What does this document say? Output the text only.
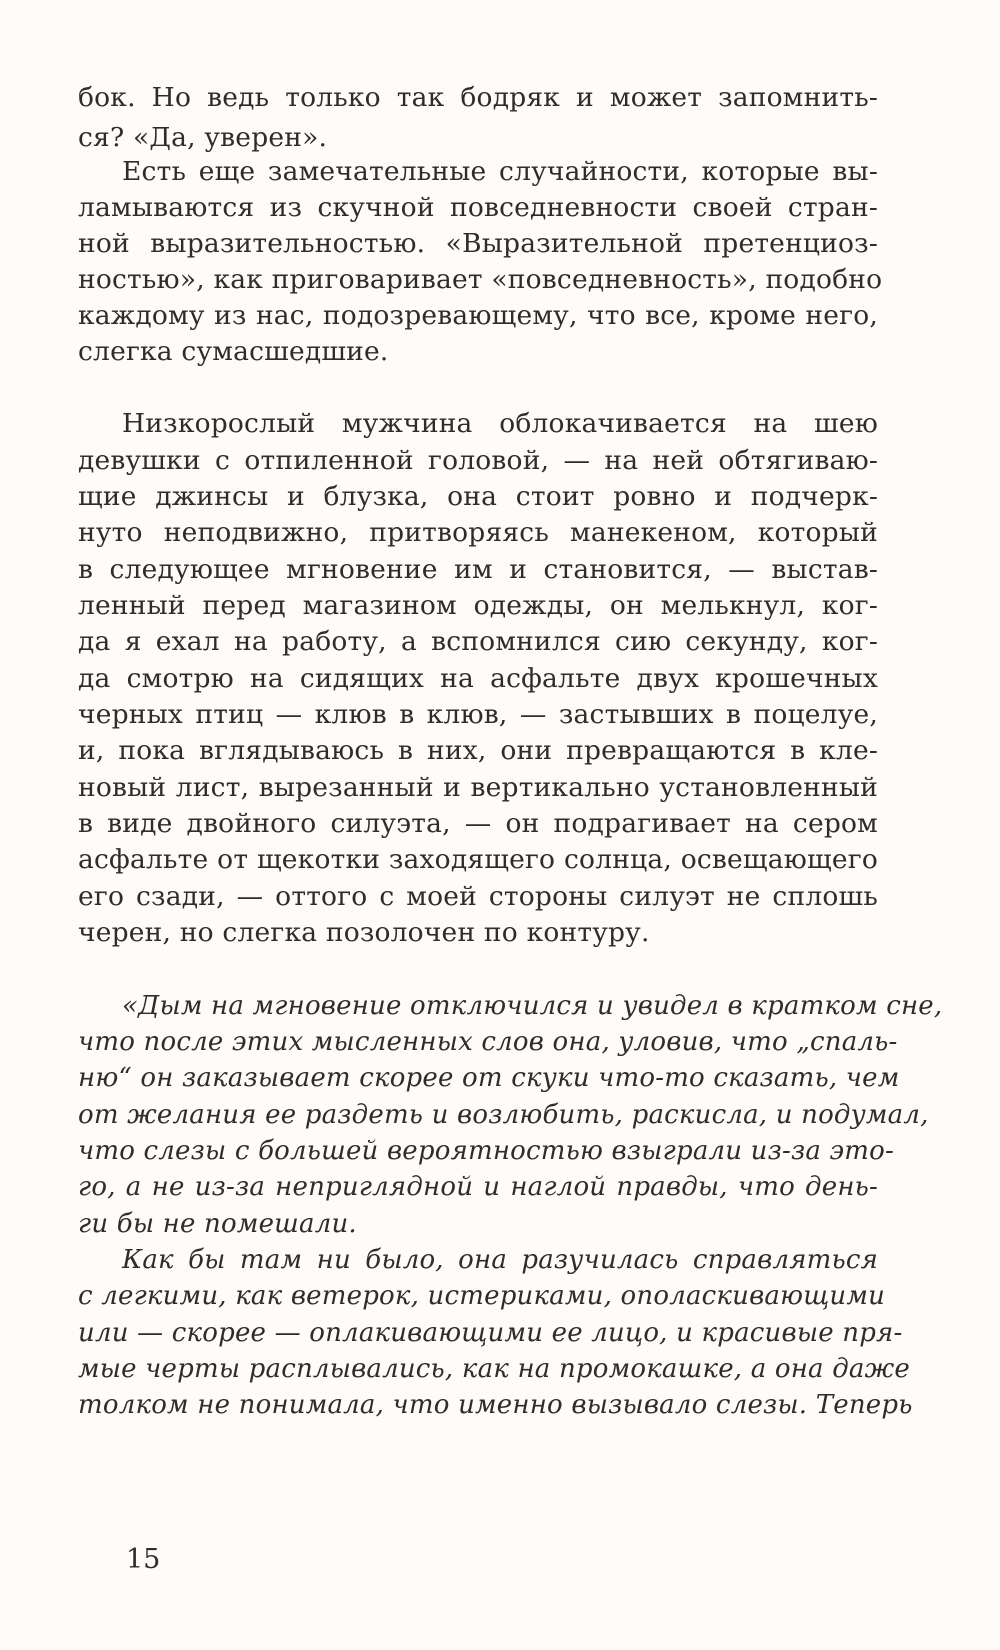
бок. Но ведь только так бодряк и может запомнить-
ся? «Да, уверен».
Есть еще замечательные случайности, которые вы-
ламываются из скучной повседневности своей стран-
ной выразительностью. «Выразительной претенциоз-
ностью», как приговаривает «повседневность», подобно
каждому из нас, подозревающему, что все, кроме него,
слегка сумасшедшие.
Низкорослый мужчина облокачивается на шею
девушки с отпиленной головой, — на ней обтягиваю-
щие джинсы и блузка, она стоит ровно и подчерк-
нуто неподвижно, притворяясь манекеном, который
в следующее мгновение им и становится, — выстав-
ленный перед магазином одежды, он мелькнул, ког-
да я ехал на работу, а вспомнился сию секунду, ког-
да смотрю на сидящих на асфальте двух крошечных
черных птиц — клюв в клюв, — застывших в поцелуе,
и, пока вглядываюсь в них, они превращаются в кле-
новый лист, вырезанный и вертикально установленный
в виде двойного силуэта, — он подрагивает на сером
асфальте от щекотки заходящего солнца, освещающего
его сзади, — оттого с моей стороны силуэт не сплошь
черен, но слегка позолочен по контуру.
«Дым на мгновение отключился и увидел в кратком сне,
что после этих мысленных слов она, уловив, что „спаль-
ню“ он заказывает скорее от скуки что-то сказать, чем
от желания ее раздеть и возлюбить, раскисла, и подумал,
что слезы с большей вероятностью взыграли из-за это-
го, а не из-за неприглядной и наглой правды, что день-
ги бы не помешали.
Как бы там ни было, она разучилась справляться
с легкими, как ветерок, истериками, ополаскивающими
или — скорее — оплакивающими ее лицо, и красивые пря-
мые черты расплывались, как на промокашке, а она даже
толком не понимала, что именно вызывало слезы. Теперь
15
